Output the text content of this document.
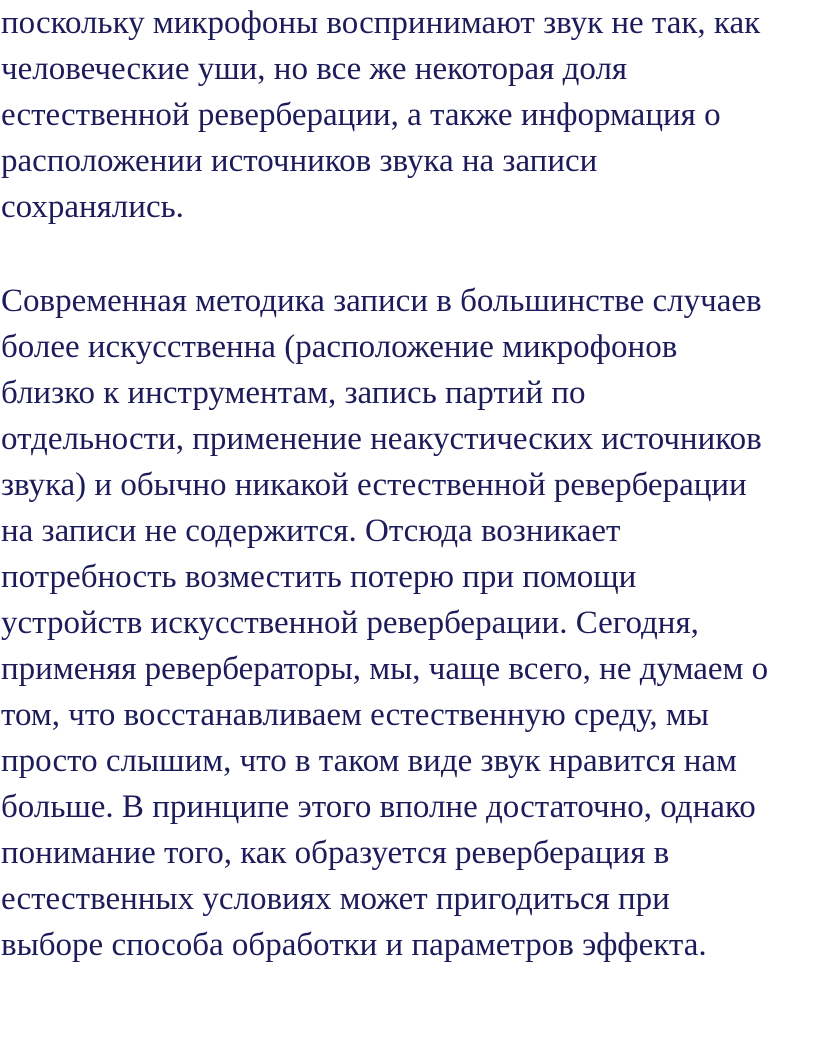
поскольку микрофоны воспринимают звук не так, как
человеческие уши, но все же некоторая доля
естественной реверберации, а также информация о
расположении источников звука на записи
сохранялись.
Современная методика записи в большинстве случаев
более искусственна (расположение микрофонов
близко к инструментам, запись партий по
отдельности, применение неакустических источников
звука) и обычно никакой естественной реверберации
на записи не содержится. Отсюда возникает
потребность возместить потерю при помощи
устройств искусственной реверберации. Сегодня,
применяя ревербераторы, мы, чаще всего, не думаем о
том, что восстанавливаем естественную среду, мы
просто слышим, что в таком виде звук нравится нам
больше. В принципе этого вполне достаточно, однако
понимание того, как образуется реверберация в
естественных условиях может пригодиться при
выборе способа обработки и параметров эффекта.
